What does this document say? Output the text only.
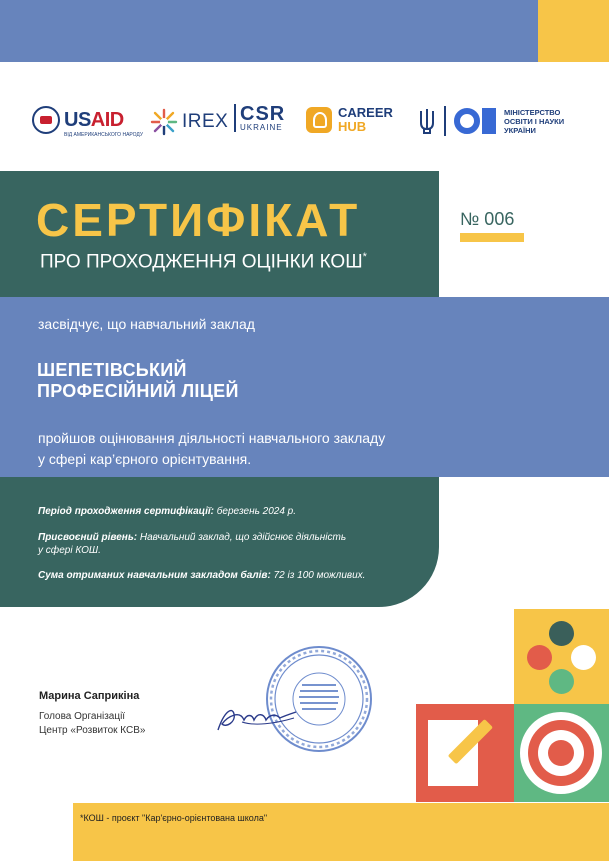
USAID
ВІД АМЕРИКАНСЬКОГО НАРОДУ
IREX CSR
UKRAINE
CAREER
HUB
МІНІСТЕРСТВО
ОСВІТИ І НАУКИ
УКРАЇНИ
СЕРТИФІКАТ
ПРО ПРОХОДЖЕННЯ ОЦІНКИ КОШ*
№ 006
засвідчує, що навчальний заклад
ШЕПЕТІВСЬКИЙ
ПРОФЕСІЙНИЙ ЛІЦЕЙ
пройшов оцінювання діяльності навчального закладу
у сфері кар’єрного орієнтування.
Період проходження сертифікації: березень 2024 р.
Присвоєний рівень: Навчальний заклад, що здійснює діяльність
у сфері КОШ.
Сума отриманих навчальним закладом балів: 72 із 100 можливих.
Марина Саприкіна
Голова Організації
Центр «Розвиток КСВ»
*КОШ - проєкт "Кар'єрно-орієнтована школа"
